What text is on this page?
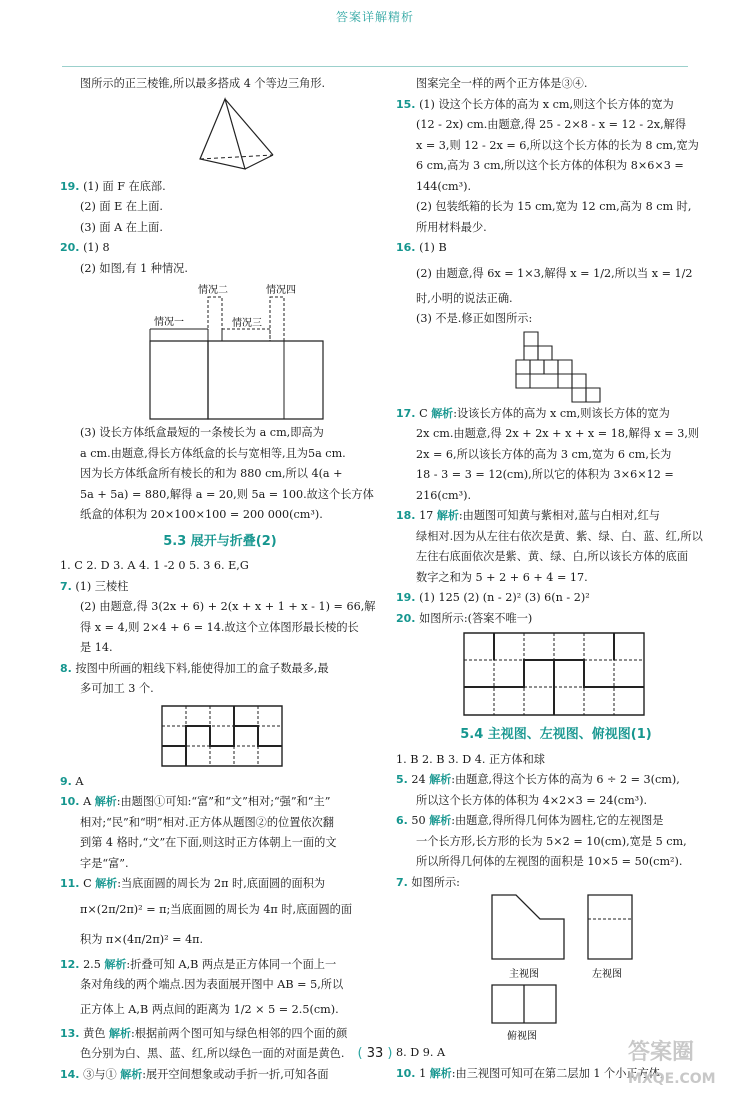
答案详解精析
图所示的正三棱锥,所以最多搭成 4 个等边三角形.
19. (1) 面 F 在底部.
(2) 面 E 在上面.
(3) 面 A 在上面.
20. (1) 8
(2) 如图,有 1 种情况.
情况一
情况二	情况四
情况三
(3) 设长方体纸盒最短的一条棱长为 a cm,即高为
a cm.由题意,得长方体纸盒的长与宽相等,且为5a cm.
因为长方体纸盒所有棱长的和为 880 cm,所以 4(a +
5a + 5a) = 880,解得 a = 20,则 5a = 100.故这个长方体
纸盒的体积为 20×100×100 = 200 000(cm³).
5.3 展开与折叠(2)
1. C 2. D 3. A 4. 1 -2 0 5. 3 6. E,G
7. (1) 三棱柱
(2) 由题意,得 3(2x + 6) + 2(x + x + 1 + x - 1) = 66,解
得 x = 4,则 2×4 + 6 = 14.故这个立体图形最长棱的长
是 14.
8. 按图中所画的粗线下料,能使得加工的盒子数最多,最
多可加工 3 个.
9. A
10. A 解析:由题图①可知:“富”和“文”相对;“强”和“主”
相对;“民”和“明”相对.正方体从题图②的位置依次翻
到第 4 格时,“文”在下面,则这时正方体朝上一面的文
字是“富”.
11. C 解析:当底面圆的周长为 2π 时,底面圆的面积为
π×(2π/2π)² = π;当底面圆的周长为 4π 时,底面圆的面
积为 π×(4π/2π)² = 4π.
12. 2.5 解析:折叠可知 A,B 两点是正方体同一个面上一
条对角线的两个端点.因为表面展开图中 AB = 5,所以
正方体上 A,B 两点间的距离为 1/2 × 5 = 2.5(cm).
13. 黄色 解析:根据前两个图可知与绿色相邻的四个面的颜
色分别为白、黑、蓝、红,所以绿色一面的对面是黄色.
14. ③与① 解析:展开空间想象或动手折一折,可知各面
图案完全一样的两个正方体是③④.
15. (1) 设这个长方体的高为 x cm,则这个长方体的宽为
(12 - 2x) cm.由题意,得 25 - 2×8 - x = 12 - 2x,解得
x = 3,则 12 - 2x = 6,所以这个长方体的长为 8 cm,宽为
6 cm,高为 3 cm,所以这个长方体的体积为 8×6×3 =
144(cm³).
(2) 包装纸箱的长为 15 cm,宽为 12 cm,高为 8 cm 时,
所用材料最少.
16. (1) B
(2) 由题意,得 6x = 1×3,解得 x = 1/2,所以当 x = 1/2
时,小明的说法正确.
(3) 不是.修正如图所示:
17. C 解析:设该长方体的高为 x cm,则该长方体的宽为
2x cm.由题意,得 2x + 2x + x + x = 18,解得 x = 3,则
2x = 6,所以该长方体的高为 3 cm,宽为 6 cm,长为
18 - 3 = 3 = 12(cm),所以它的体积为 3×6×12 =
216(cm³).
18. 17 解析:由题图可知黄与紫相对,蓝与白相对,红与
绿相对.因为从左往右依次是黄、紫、绿、白、蓝、红,所以
左往右底面依次是紫、黄、绿、白,所以该长方体的底面
数字之和为 5 + 2 + 6 + 4 = 17.
19. (1) 125 (2) (n - 2)² (3) 6(n - 2)²
20. 如图所示:(答案不唯一)
5.4 主视图、左视图、俯视图(1)
1. B 2. B 3. D 4. 正方体和球
5. 24 解析:由题意,得这个长方体的高为 6 ÷ 2 = 3(cm),
所以这个长方体的体积为 4×2×3 = 24(cm³).
6. 50 解析:由题意,得所得几何体为圆柱,它的左视图是
一个长方形,长方形的长为 5×2 = 10(cm),宽是 5 cm,
所以所得几何体的左视图的面积是 10×5 = 50(cm²).
7. 如图所示:
主视图	左视图
俯视图
8. D 9. A
10. 1 解析:由三视图可知可在第二层加 1 个小正方体,
( 33 )	答案圈
MXQE.COM
